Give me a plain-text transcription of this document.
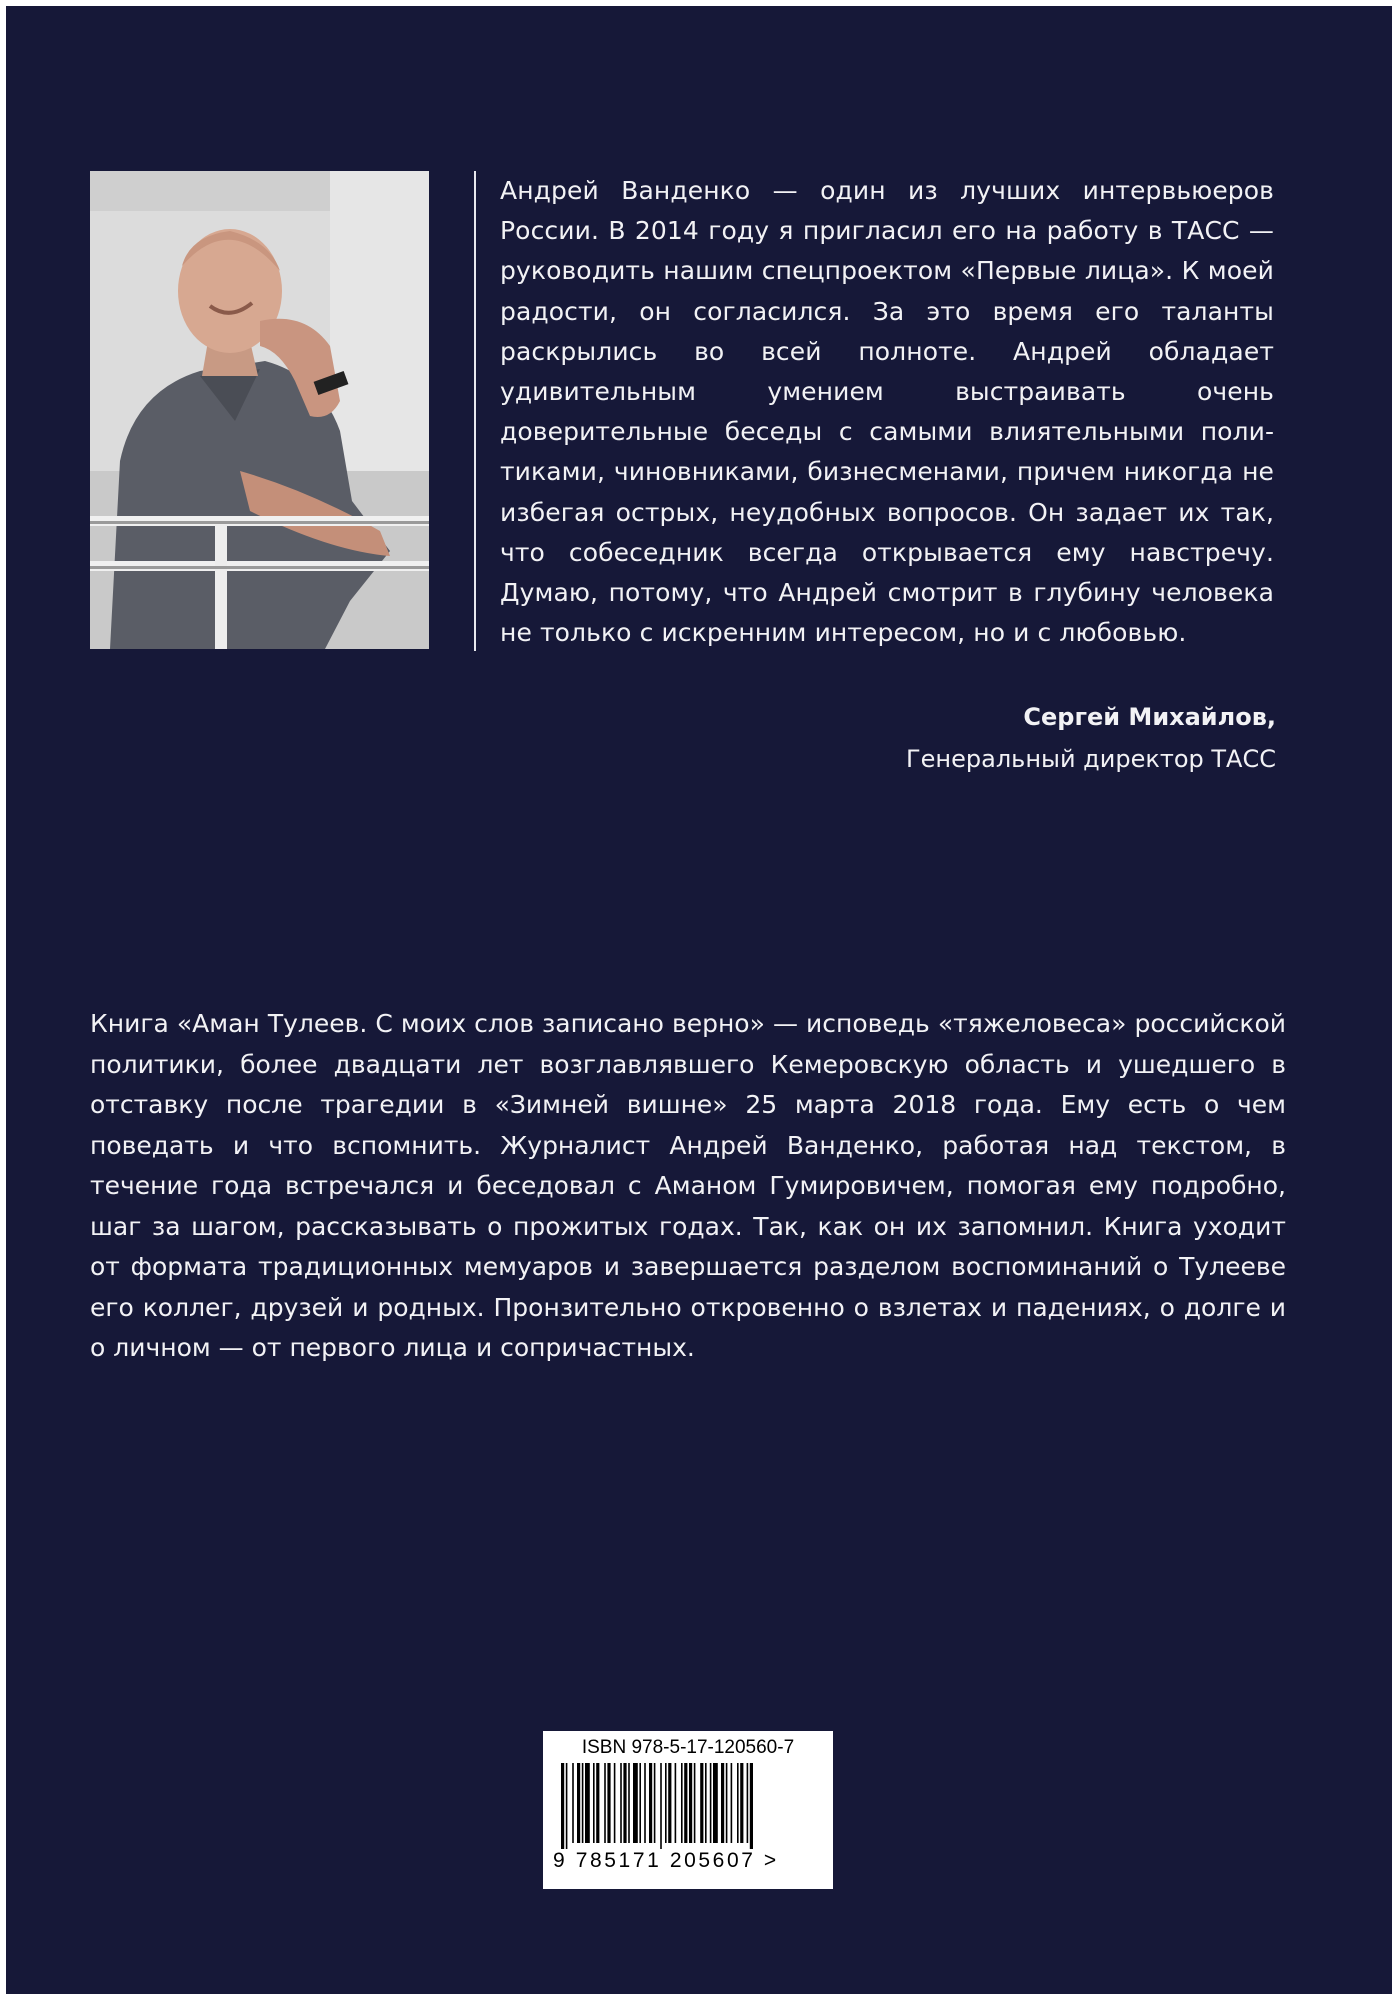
Андрей Ванденко — один из лучших интервьюеров России. В 2014 году я пригласил его на работу в ТАСС — руководить нашим спецпроектом «Первые лица». К моей радости, он согласился. За это время его таланты раскрылись во всей полноте. Андрей обладает удивительным умением выстраивать очень доверительные беседы с самыми влиятельными политиками, чиновниками, бизнесменами, причем никогда не избегая острых, неудобных вопросов. Он задает их так, что собеседник всегда открывается ему навстречу. Думаю, потому, что Андрей смотрит в глубину человека не только с искренним интересом, но и с любовью.

Сергей Михайлов,
Генеральный директор ТАСС

Книга «Аман Тулеев. С моих слов записано верно» — исповедь «тяжеловеса» российской политики, более двадцати лет возглавлявшего Кемеровскую область и ушедшего в отставку после трагедии в «Зимней вишне» 25 марта 2018 года. Ему есть о чем поведать и что вспомнить. Журналист Андрей Ванденко, работая над текстом, в течение года встречался и беседовал с Аманом Гумировичем, помогая ему подробно, шаг за шагом, рассказывать о прожитых годах. Так, как он их запомнил. Книга уходит от формата традиционных мемуаров и завершается разделом воспоминаний о Тулееве его коллег, друзей и родных. Пронзительно откровенно о взлетах и падениях, о долге и о личном — от первого лица и сопричастных.

ISBN 978-5-17-120560-7

9 785171 205607 >
